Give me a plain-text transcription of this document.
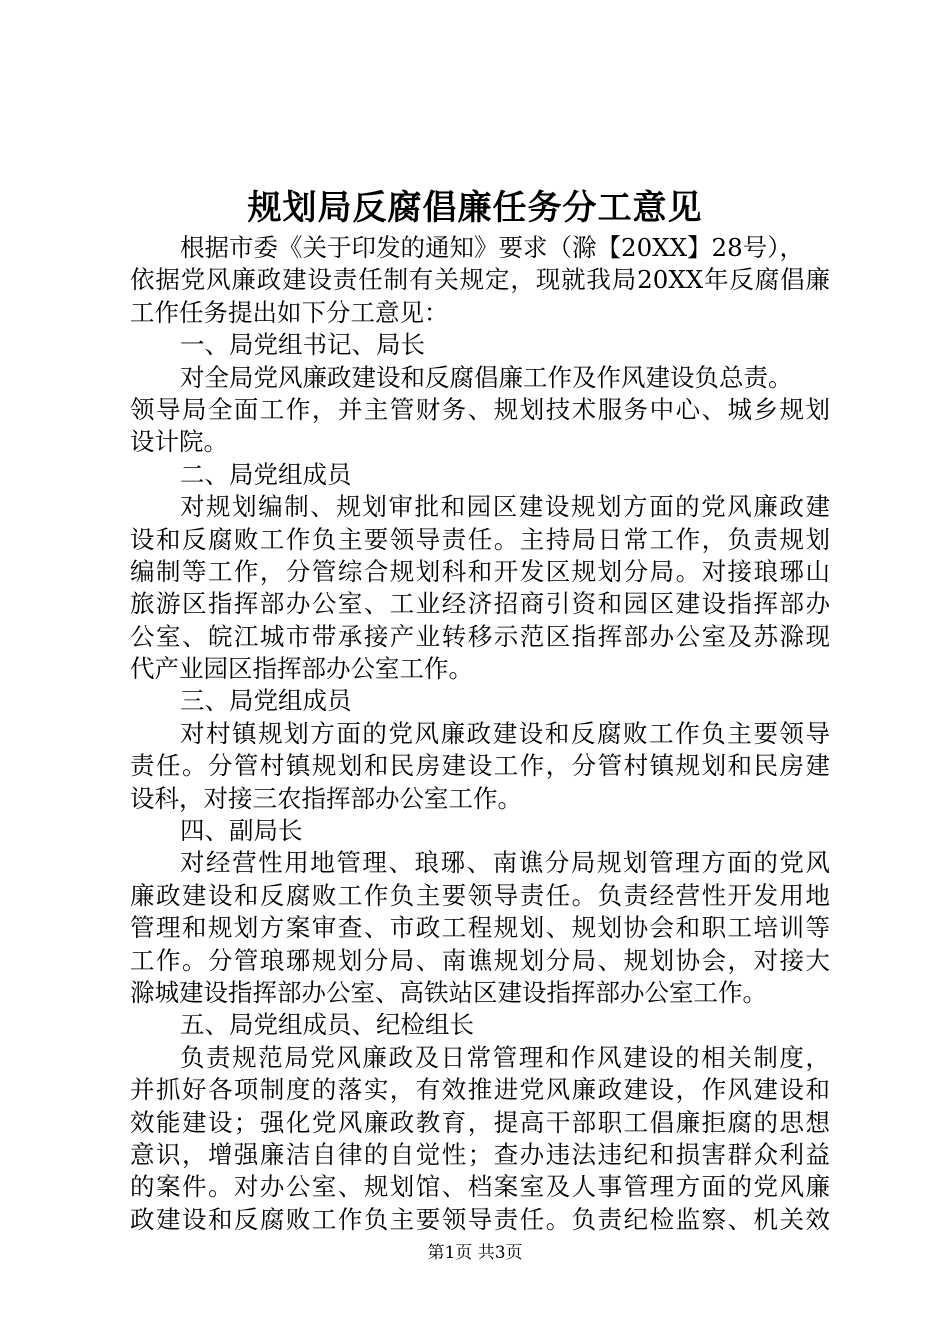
规划局反腐倡廉任务分工意见
根据市委《关于印发的通知》要求（滁【20XX】28号），
依据党风廉政建设责任制有关规定，现就我局20XX年反腐倡廉
工作任务提出如下分工意见：
一、局党组书记、局长
对全局党风廉政建设和反腐倡廉工作及作风建设负总责。
领导局全面工作，并主管财务、规划技术服务中心、城乡规划
设计院。
二、局党组成员
对规划编制、规划审批和园区建设规划方面的党风廉政建
设和反腐败工作负主要领导责任。主持局日常工作，负责规划
编制等工作，分管综合规划科和开发区规划分局。对接琅琊山
旅游区指挥部办公室、工业经济招商引资和园区建设指挥部办
公室、皖江城市带承接产业转移示范区指挥部办公室及苏滁现
代产业园区指挥部办公室工作。
三、局党组成员
对村镇规划方面的党风廉政建设和反腐败工作负主要领导
责任。分管村镇规划和民房建设工作，分管村镇规划和民房建
设科，对接三农指挥部办公室工作。
四、副局长
对经营性用地管理、琅琊、南谯分局规划管理方面的党风
廉政建设和反腐败工作负主要领导责任。负责经营性开发用地
管理和规划方案审查、市政工程规划、规划协会和职工培训等
工作。分管琅琊规划分局、南谯规划分局、规划协会，对接大
滁城建设指挥部办公室、高铁站区建设指挥部办公室工作。
五、局党组成员、纪检组长
负责规范局党风廉政及日常管理和作风建设的相关制度，
并抓好各项制度的落实，有效推进党风廉政建设，作风建设和
效能建设；强化党风廉政教育，提高干部职工倡廉拒腐的思想
意识，增强廉洁自律的自觉性；查办违法违纪和损害群众利益
的案件。对办公室、规划馆、档案室及人事管理方面的党风廉
政建设和反腐败工作负主要领导责任。负责纪检监察、机关效
第1页 共3页
